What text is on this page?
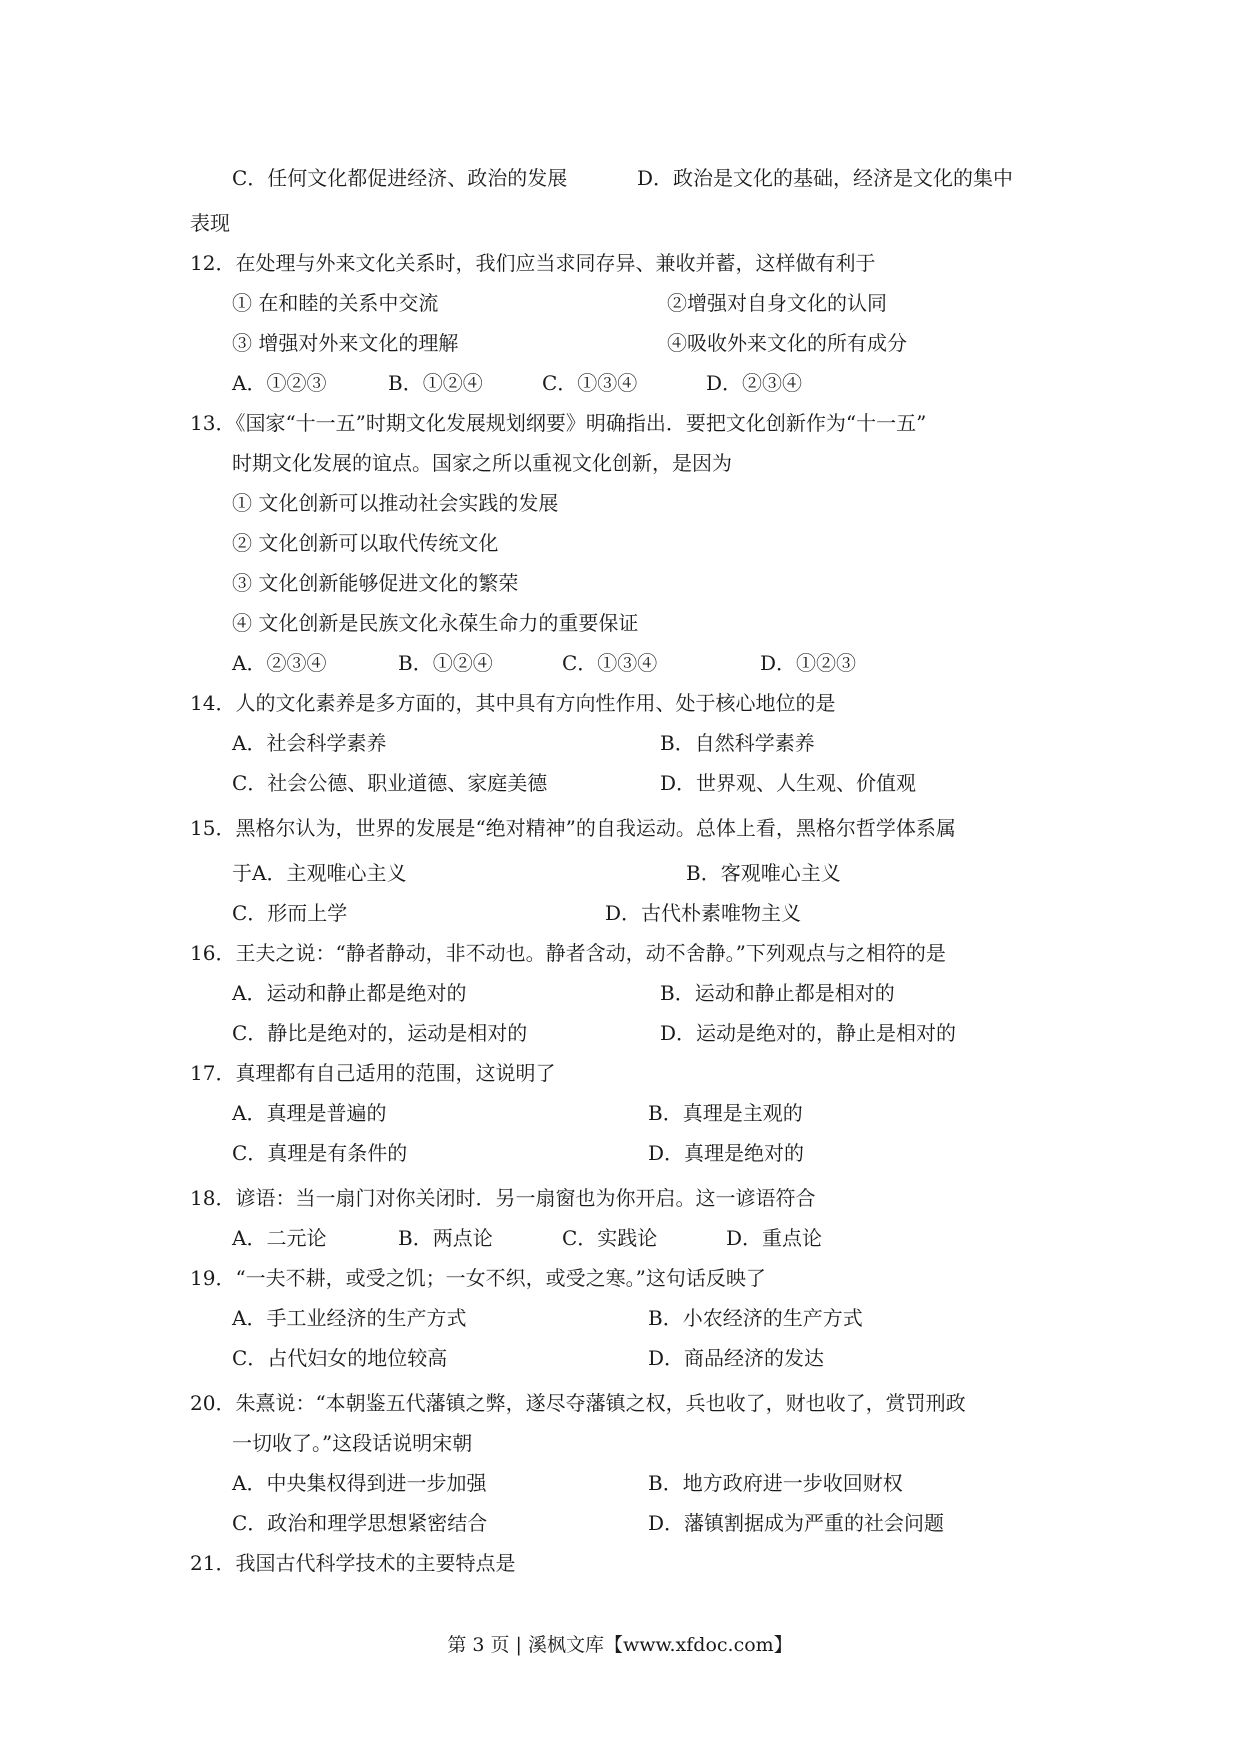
C．任何文化都促进经济、政治的发展	D．政治是文化的基础，经济是文化的集中
表现
12．在处理与外来文化关系时，我们应当求同存异、兼收并蓄，这样做有利于
① 在和睦的关系中交流	②增强对自身文化的认同
③ 增强对外来文化的理解	④吸收外来文化的所有成分
A．①②③	B．①②④	C．①③④	D．②③④
13．《国家“十一五”时期文化发展规划纲要》明确指出．要把文化创新作为“十一五”
时期文化发展的谊点。国家之所以重视文化创新，是因为
① 文化创新可以推动社会实践的发展
② 文化创新可以取代传统文化
③ 文化创新能够促进文化的繁荣
④ 文化创新是民族文化永葆生命力的重要保证
A．②③④	B．①②④	C．①③④	D．①②③
14．人的文化素养是多方面的，其中具有方向性作用、处于核心地位的是
A．社会科学素养	B．自然科学素养
C．社会公德、职业道德、家庭美德	D．世界观、人生观、价值观
15．黑格尔认为，世界的发展是“绝对精神”的自我运动。总体上看，黑格尔哲学体系属
于A．主观唯心主义	B．客观唯心主义
C．形而上学	D．古代朴素唯物主义
16．王夫之说：“静者静动，非不动也。静者含动，动不舍静。”下列观点与之相符的是
A．运动和静止都是绝对的	B．运动和静止都是相对的
C．静比是绝对的，运动是相对的	D．运动是绝对的，静止是相对的
17．真理都有自己适用的范围，这说明了
A．真理是普遍的	B．真理是主观的
C．真理是有条件的	D．真理是绝对的
18．谚语：当一扇门对你关闭时．另一扇窗也为你开启。这一谚语符合
A．二元论	B．两点论	C．实践论	D．重点论
19．“一夫不耕，或受之饥；一女不织，或受之寒。”这句话反映了
A．手工业经济的生产方式	B．小农经济的生产方式
C．占代妇女的地位较高	D．商品经济的发达
20．朱熹说：“本朝鉴五代藩镇之弊，遂尽夺藩镇之权，兵也收了，财也收了，赏罚刑政
一切收了。”这段话说明宋朝
A．中央集权得到进一步加强	B．地方政府进一步收回财权
C．政治和理学思想紧密结合	D．藩镇割据成为严重的社会问题
21．我国古代科学技术的主要特点是
第 3 页 | 溪枫文库【www.xfdoc.com】
